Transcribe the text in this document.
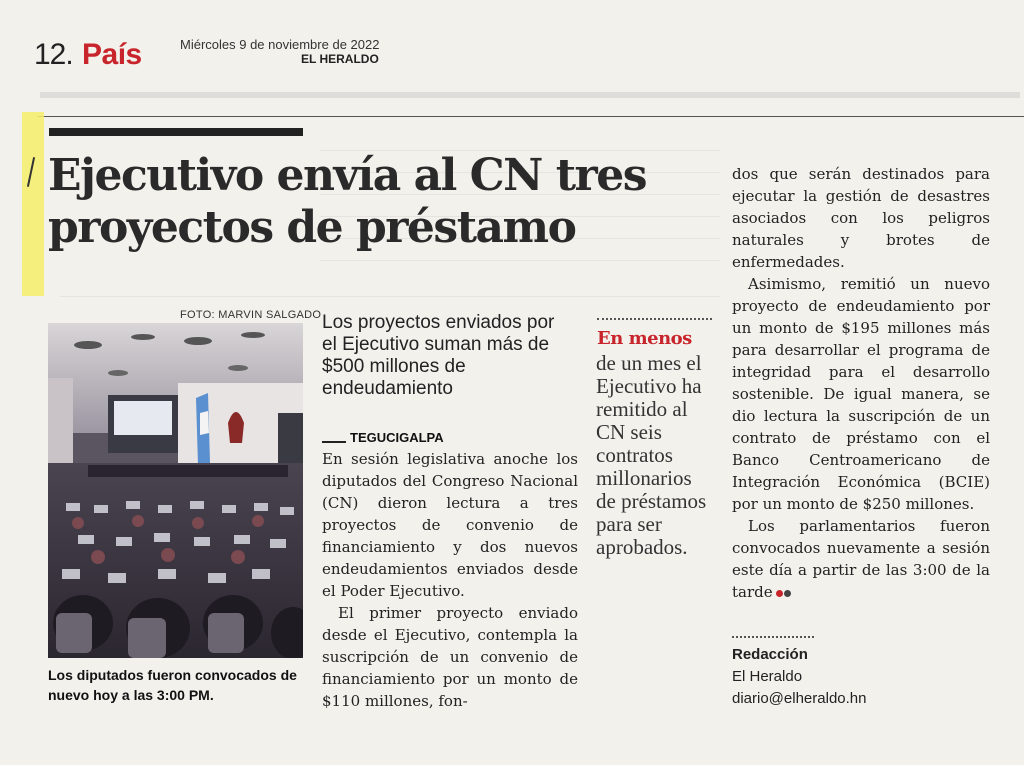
12. País	Miércoles 9 de noviembre de 2022
EL HERALDO
Ejecutivo envía al CN tres proyectos de préstamo
FOTO: MARVIN SALGADO
Los diputados fueron convocados de nuevo hoy a las 3:00 PM.
Los proyectos enviados por el Ejecutivo suman más de $500 millones de endeudamiento
TEGUCIGALPA

En sesión legislativa anoche los diputados del Congreso Nacional (CN) dieron lectura a tres proyectos de convenio de financiamiento y dos nuevos endeudamientos enviados desde el Poder Ejecutivo.

El primer proyecto enviado desde el Ejecutivo, contempla la suscripción de un convenio de financiamiento por un monto de $110 millones, fon-

En menos
de un mes el Ejecutivo ha remitido al CN seis contratos millonarios de préstamos para ser aprobados.

dos que serán destinados para ejecutar la gestión de desastres asociados con los peligros naturales y brotes de enfermedades.

Asimismo, remitió un nuevo proyecto de endeudamiento por un monto de $195 millones más para desarrollar el programa de integridad para el desarrollo sostenible. De igual manera, se dio lectura la suscripción de un contrato de préstamo con el Banco Centroamericano de Integración Económica (BCIE) por un monto de $250 millones.

Los parlamentarios fueron convocados nuevamente a sesión este día a partir de las 3:00 de la tarde

Redacción
El Heraldo
diario@elheraldo.hn
